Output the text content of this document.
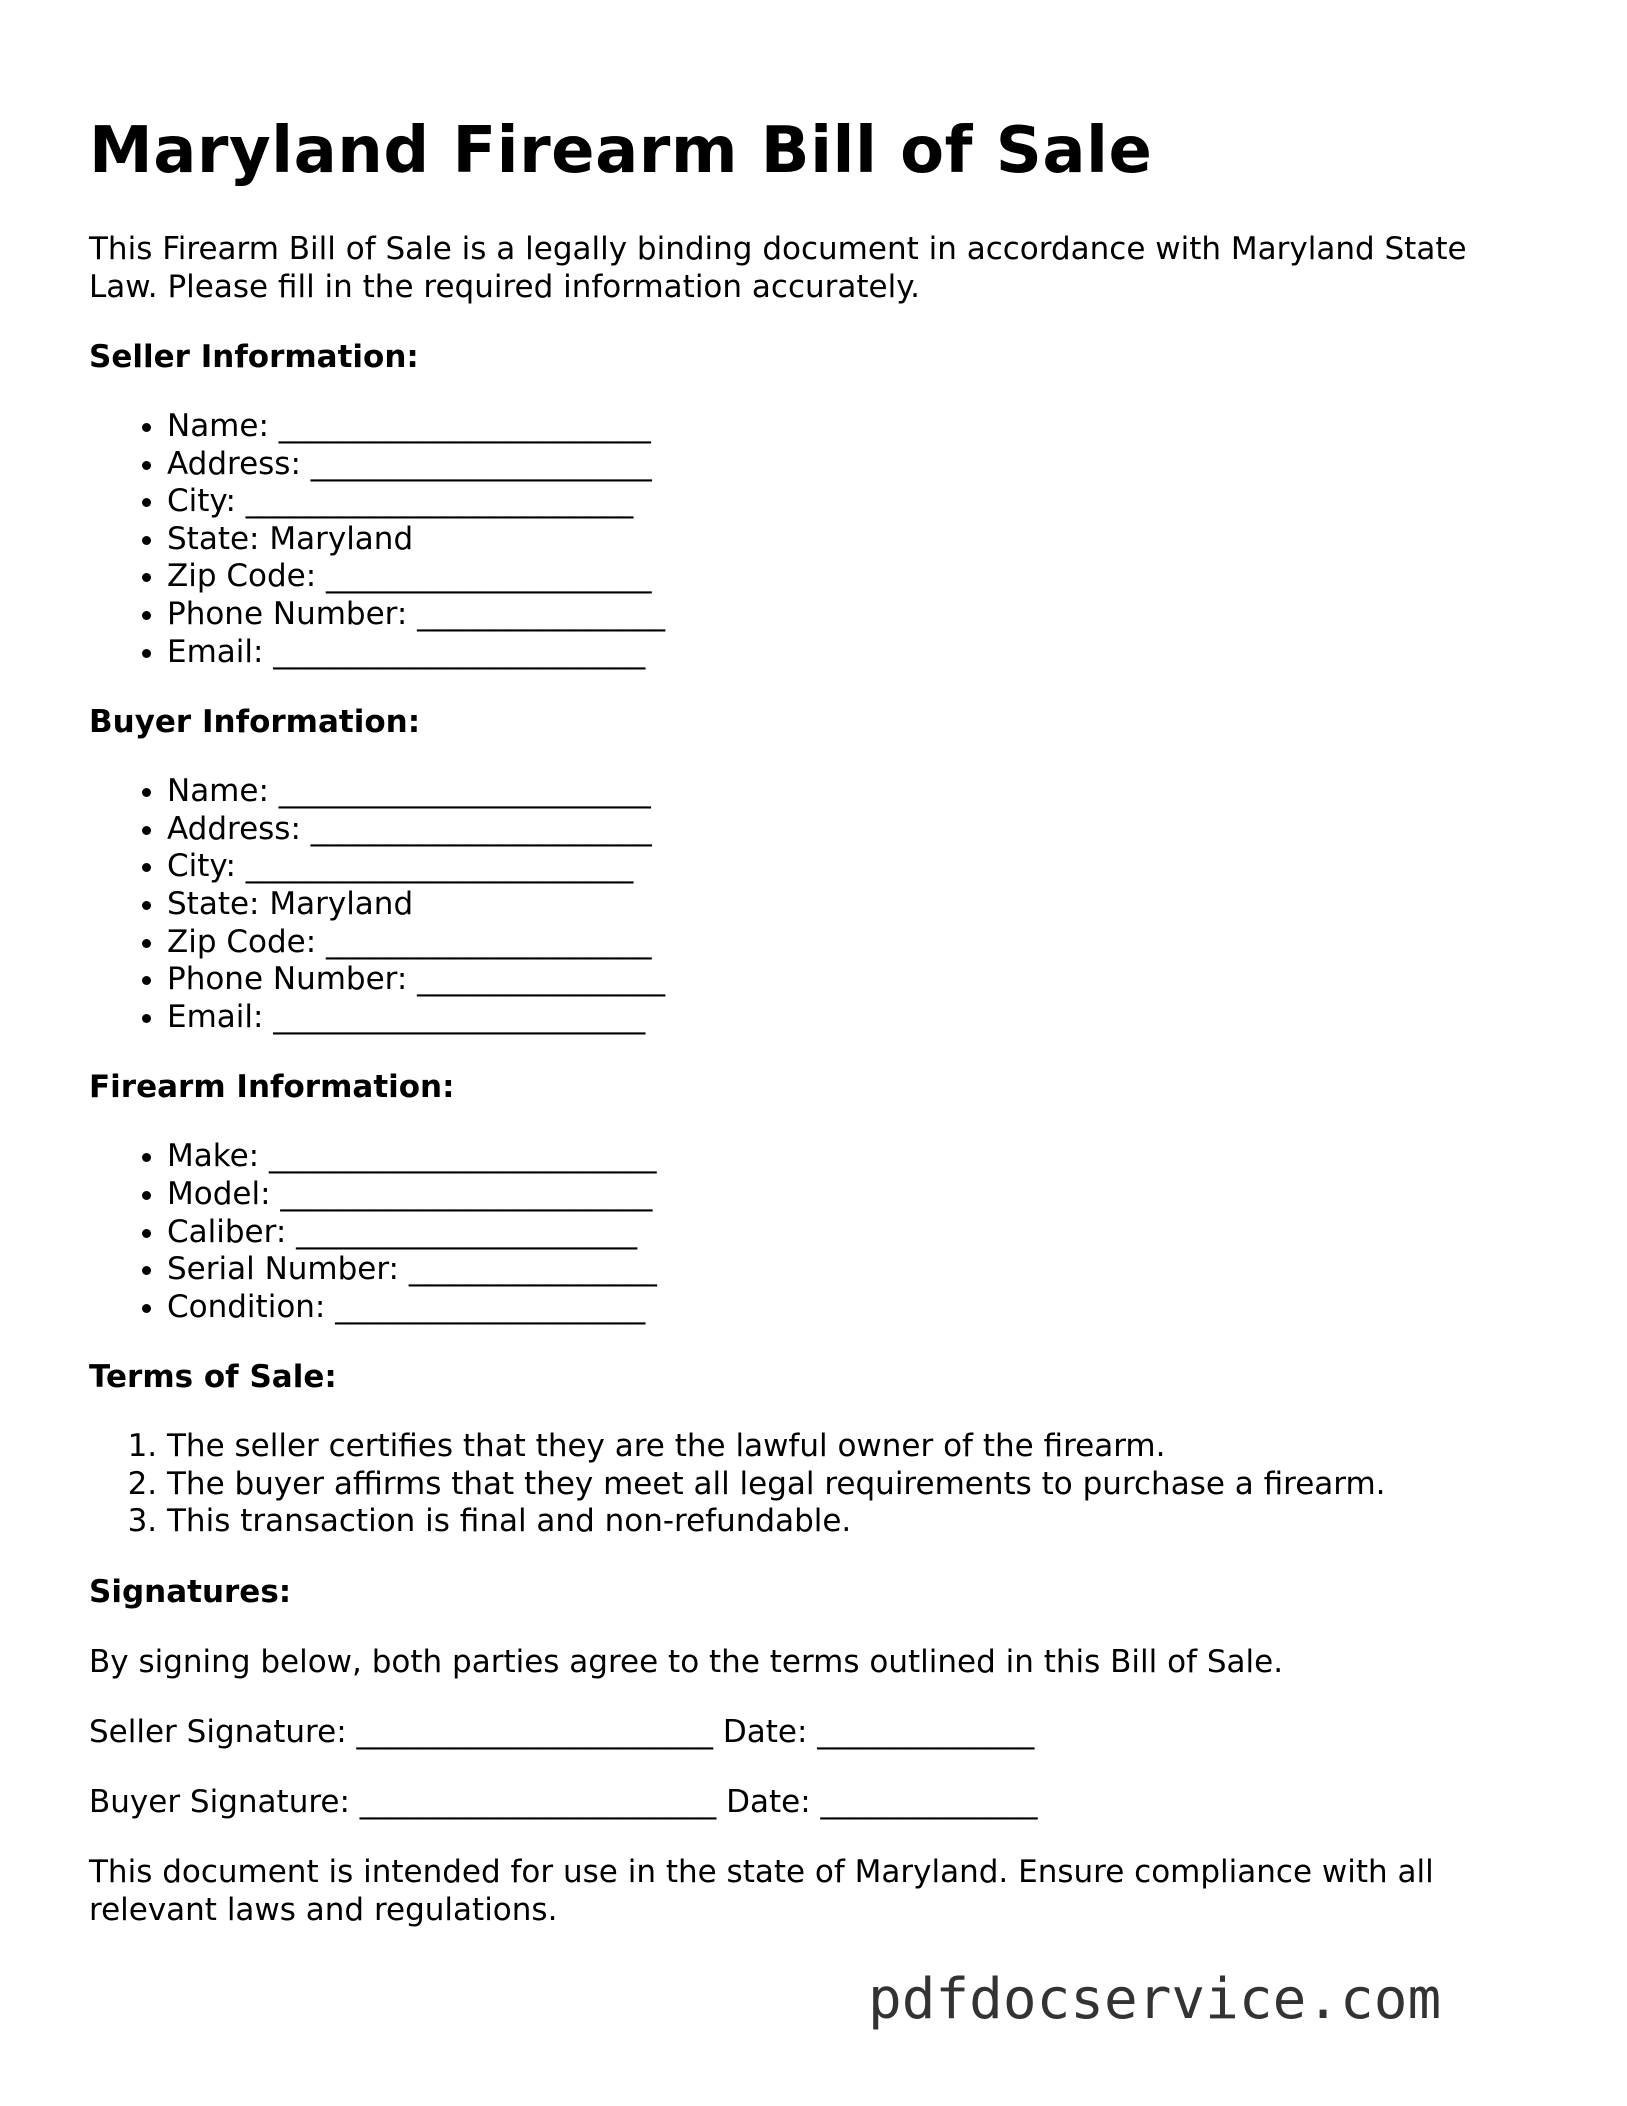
Maryland Firearm Bill of Sale

This Firearm Bill of Sale is a legally binding document in accordance with Maryland State Law. Please fill in the required information accurately.

Seller Information:
• Name: ________________________
• Address: ______________________
• City: _________________________
• State: Maryland
• Zip Code: _____________________
• Phone Number: ________________
• Email: ________________________
Buyer Information:
• Name: ________________________
• Address: ______________________
• City: _________________________
• State: Maryland
• Zip Code: _____________________
• Phone Number: ________________
• Email: ________________________
Firearm Information:
• Make: _________________________
• Model: ________________________
• Caliber: ______________________
• Serial Number: ________________
• Condition: ____________________
Terms of Sale:
1. The seller certifies that they are the lawful owner of the firearm.
2. The buyer affirms that they meet all legal requirements to purchase a firearm.
3. This transaction is final and non-refundable.
Signatures:

By signing below, both parties agree to the terms outlined in this Bill of Sale.

Seller Signature: _______________________ Date: ______________

Buyer Signature: _______________________ Date: ______________

This document is intended for use in the state of Maryland. Ensure compliance with all relevant laws and regulations.

pdfdocservice.com
